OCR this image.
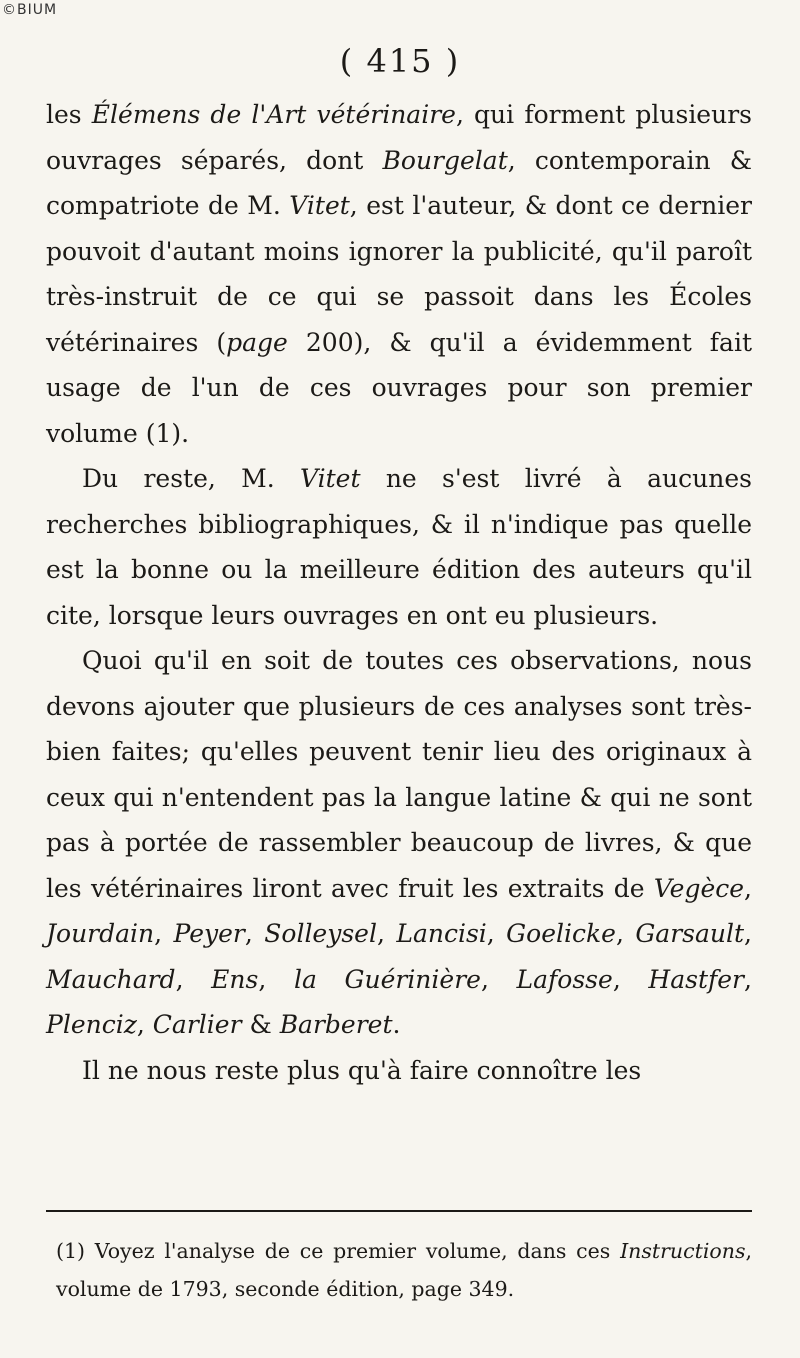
©BIUM
( 415 )

les Élémens de l'Art vétérinaire, qui forment plusieurs ouvrages séparés, dont Bourgelat, contemporain & compatriote de M. Vitet, est l'auteur, & dont ce dernier pouvoit d'autant moins ignorer la publicité, qu'il paroît très-instruit de ce qui se passoit dans les Écoles vétérinaires (page 200), & qu'il a évidemment fait usage de l'un de ces ouvrages pour son premier volume (1).

Du reste, M. Vitet ne s'est livré à aucunes recherches bibliographiques, & il n'indique pas quelle est la bonne ou la meilleure édition des auteurs qu'il cite, lorsque leurs ouvrages en ont eu plusieurs.

Quoi qu'il en soit de toutes ces observations, nous devons ajouter que plusieurs de ces analyses sont très-bien faites; qu'elles peuvent tenir lieu des originaux à ceux qui n'entendent pas la langue latine & qui ne sont pas à portée de rassembler beaucoup de livres, & que les vétérinaires liront avec fruit les extraits de Vegèce, Jourdain, Peyer, Solleysel, Lancisi, Goelicke, Garsault, Mauchard, Ens, la Guérinière, Lafosse, Hastfer, Plenciz, Carlier & Barberet.

Il ne nous reste plus qu'à faire connoître les

(1) Voyez l'analyse de ce premier volume, dans ces Instructions, volume de 1793, seconde édition, page 349.
